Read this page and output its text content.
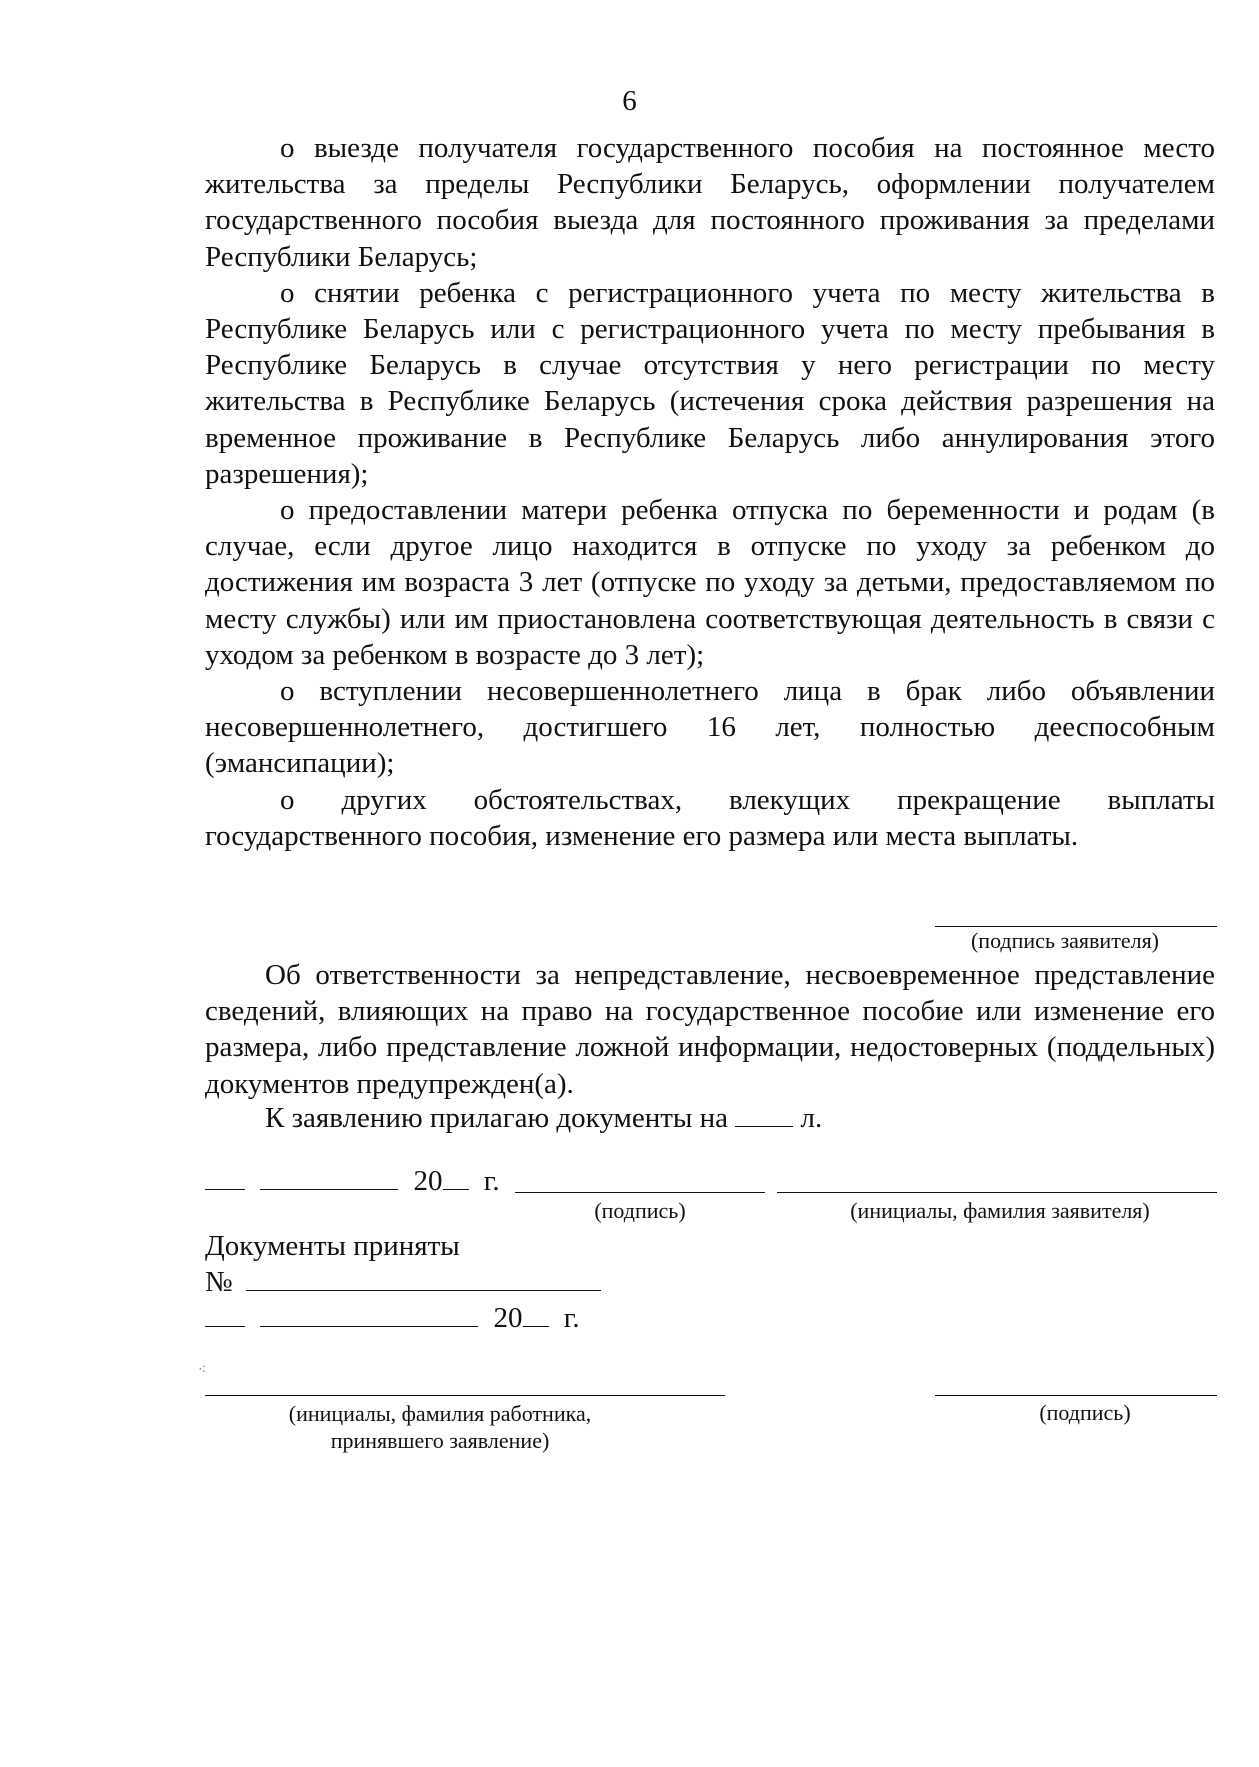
6

о выезде получателя государственного пособия на постоянное место жительства за пределы Республики Беларусь, оформлении получателем государственного пособия выезда для постоянного проживания за пределами Республики Беларусь;

о снятии ребенка с регистрационного учета по месту жительства в Республике Беларусь или с регистрационного учета по месту пребывания в Республике Беларусь в случае отсутствия у него регистрации по месту жительства в Республике Беларусь (истечения срока действия разрешения на временное проживание в Республике Беларусь либо аннулирования этого разрешения);

о предоставлении матери ребенка отпуска по беременности и родам (в случае, если другое лицо находится в отпуске по уходу за ребенком до достижения им возраста 3 лет (отпуске по уходу за детьми, предоставляемом по месту службы) или им приостановлена соответствующая деятельность в связи с уходом за ребенком в возрасте до 3 лет);

о вступлении несовершеннолетнего лица в брак либо объявлении несовершеннолетнего, достигшего 16 лет, полностью дееспособным (эмансипации);

о других обстоятельствах, влекущих прекращение выплаты государственного пособия, изменение его размера или места выплаты.

(подпись заявителя)

Об ответственности за непредставление, несвоевременное представление сведений, влияющих на право на государственное пособие или изменение его размера, либо представление ложной информации, недостоверных (поддельных) документов предупрежден(а).

К заявлению прилагаю документы на	л.
20 г.
(подпись)	(инициалы, фамилия заявителя)
Документы приняты
№
20 г.
⁖
(инициалы, фамилия работника,
принявшего заявление)
(подпись)
